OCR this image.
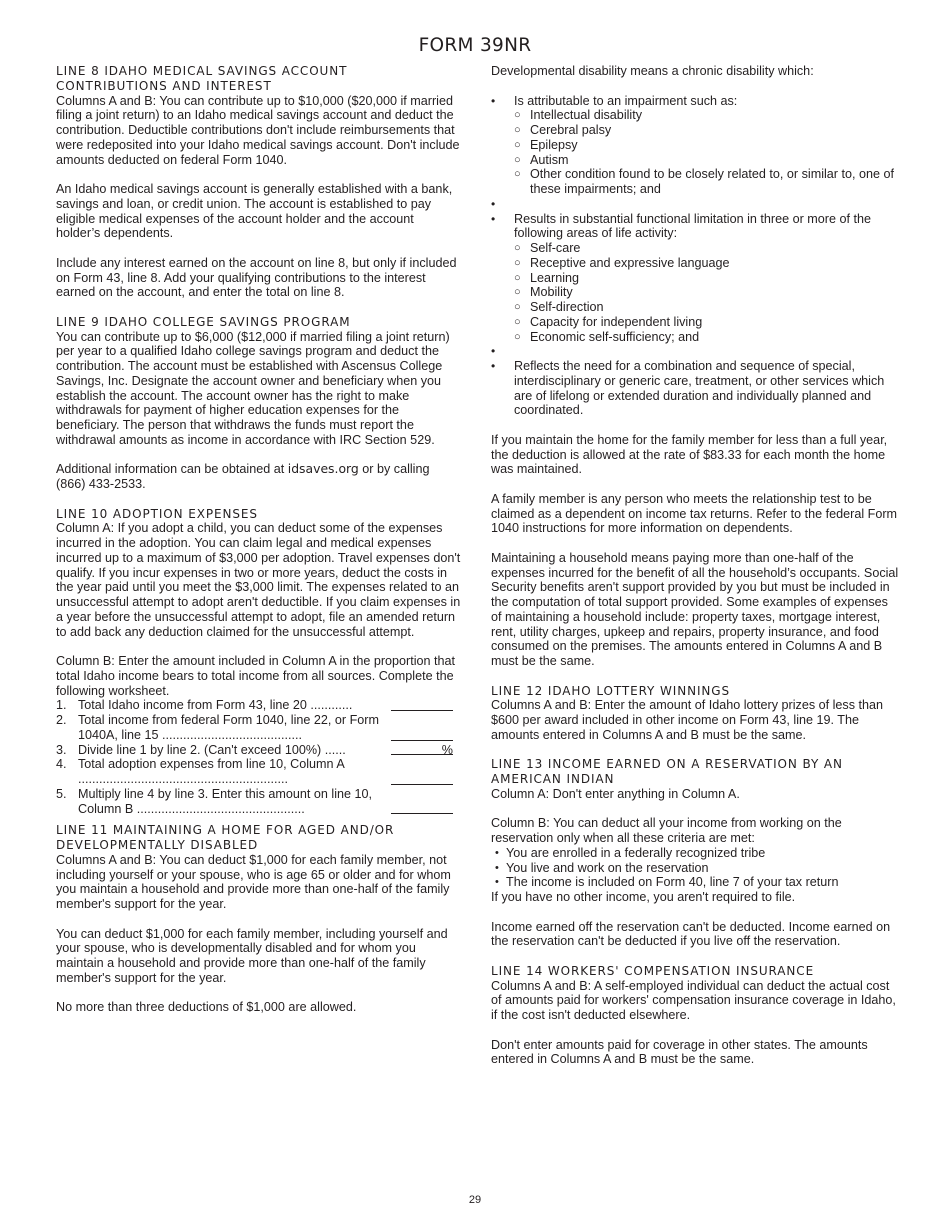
FORM 39NR
LINE 8 IDAHO MEDICAL SAVINGS ACCOUNT
CONTRIBUTIONS AND INTEREST

Columns A and B: You can contribute up to $10,000 ($20,000 if married filing a joint return) to an Idaho medical savings account and deduct the contribution. Deductible contributions don't include reimbursements that were redeposited into your Idaho medical savings account. Don't include amounts deducted on federal Form 1040.

An Idaho medical savings account is generally established with a bank, savings and loan, or credit union. The account is established to pay eligible medical expenses of the account holder and the account holder’s dependents.

Include any interest earned on the account on line 8, but only if included on Form 43, line 8. Add your qualifying contributions to the interest earned on the account, and enter the total on line 8.

LINE 9 IDAHO COLLEGE SAVINGS PROGRAM

You can contribute up to $6,000 ($12,000 if married filing a joint return) per year to a qualified Idaho college savings program and deduct the contribution. The account must be established with Ascensus College Savings, Inc. Designate the account owner and beneficiary when you establish the account. The account owner has the right to make withdrawals for payment of higher education expenses for the beneficiary. The person that withdraws the funds must report the withdrawal amounts as income in accordance with IRC Section 529.

Additional information can be obtained at idsaves.org or by calling (866) 433-2533.

LINE 10 ADOPTION EXPENSES

Column A: If you adopt a child, you can deduct some of the expenses incurred in the adoption. You can claim legal and medical expenses incurred up to a maximum of $3,000 per adoption. Travel expenses don't qualify. If you incur expenses in two or more years, deduct the costs in the year paid until you meet the $3,000 limit. The expenses related to an unsuccessful attempt to adopt aren't deductible. If you claim expenses in a year before the unsuccessful attempt to adopt, file an amended return to add back any deduction claimed for the unsuccessful attempt.

Column B: Enter the amount included in Column A in the proportion that total Idaho income bears to total income from all sources. Complete the following worksheet.

1. Total Idaho income from Form 43, line 20 ............
2. Total income from federal Form 1040, line 22, or Form 1040A, line 15 ........................................
3. Divide line 1 by line 2. (Can't exceed 100%) ......	%
4. Total adoption expenses from line 10, Column A ............................................................
5. Multiply line 4 by line 3. Enter this amount on line 10, Column B ................................................
LINE 11 MAINTAINING A HOME FOR AGED AND/OR
DEVELOPMENTALLY DISABLED

Columns A and B: You can deduct $1,000 for each family member, not including yourself or your spouse, who is age 65 or older and for whom you maintain a household and provide more than one-half of the family member's support for the year.

You can deduct $1,000 for each family member, including yourself and your spouse, who is developmentally disabled and for whom you maintain a household and provide more than one-half of the family member's support for the year.

No more than three deductions of $1,000 are allowed.

Developmental disability means a chronic disability which:

• Is attributable to an impairment such as:
○ Intellectual disability
○ Cerebral palsy
○ Epilepsy
○ Autism
○ Other condition found to be closely related to, or similar to, one of these impairments; and
•
• Results in substantial functional limitation in three or more of the following areas of life activity:
○ Self-care
○ Receptive and expressive language
○ Learning
○ Mobility
○ Self-direction
○ Capacity for independent living
○ Economic self-sufficiency; and
•
• Reflects the need for a combination and sequence of special, interdisciplinary or generic care, treatment, or other services which are of lifelong or extended duration and individually planned and coordinated.

If you maintain the home for the family member for less than a full year, the deduction is allowed at the rate of $83.33 for each month the home was maintained.

A family member is any person who meets the relationship test to be claimed as a dependent on income tax returns. Refer to the federal Form 1040 instructions for more information on dependents.

Maintaining a household means paying more than one-half of the expenses incurred for the benefit of all the household’s occupants. Social Security benefits aren't support provided by you but must be included in the computation of total support provided. Some examples of expenses of maintaining a household include: property taxes, mortgage interest, rent, utility charges, upkeep and repairs, property insurance, and food consumed on the premises. The amounts entered in Columns A and B must be the same.

LINE 12 IDAHO LOTTERY WINNINGS

Columns A and B: Enter the amount of Idaho lottery prizes of less than $600 per award included in other income on Form 43, line 19. The amounts entered in Columns A and B must be the same.

LINE 13 INCOME EARNED ON A RESERVATION BY AN
AMERICAN INDIAN

Column A: Don't enter anything in Column A.

Column B: You can deduct all your income from working on the reservation only when all these criteria are met:

• You are enrolled in a federally recognized tribe
• You live and work on the reservation
• The income is included on Form 40, line 7 of your tax return

If you have no other income, you aren't required to file.

Income earned off the reservation can't be deducted. Income earned on the reservation can't be deducted if you live off the reservation.

LINE 14 WORKERS' COMPENSATION INSURANCE

Columns A and B: A self-employed individual can deduct the actual cost of amounts paid for workers' compensation insurance coverage in Idaho, if the cost isn't deducted elsewhere.

Don't enter amounts paid for coverage in other states. The amounts entered in Columns A and B must be the same.

29
